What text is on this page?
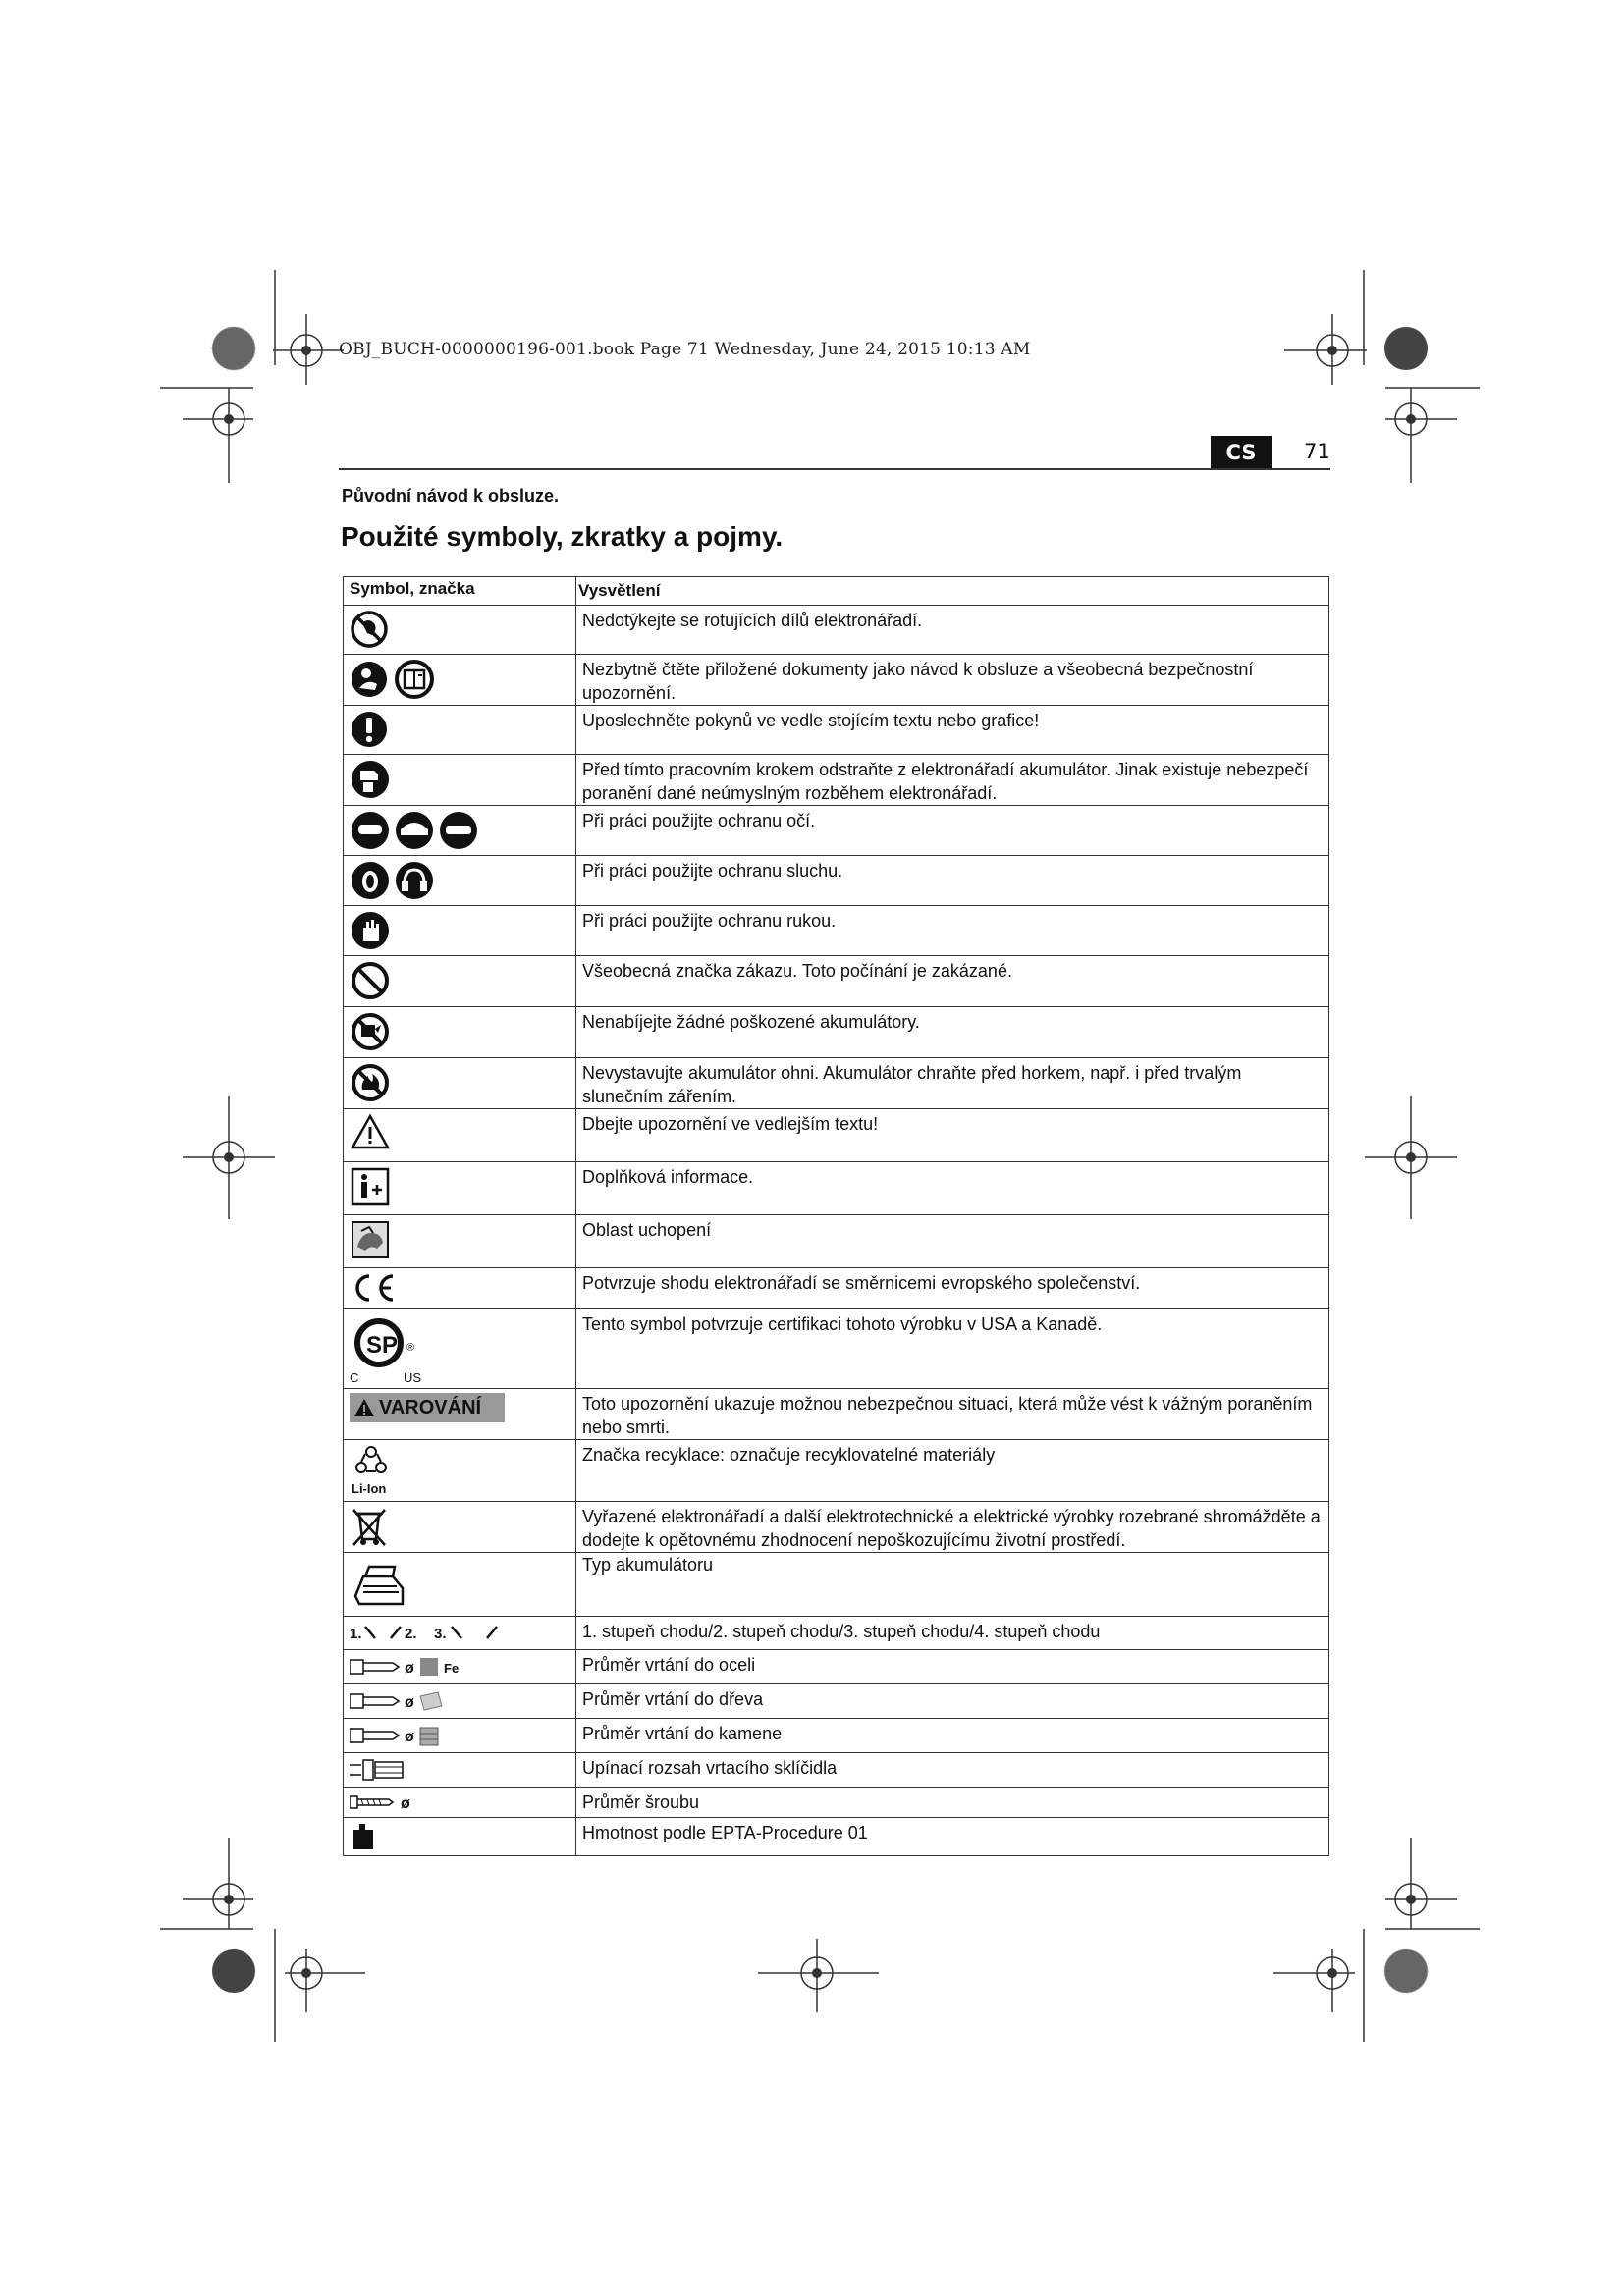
OBJ_BUCH-0000000196-001.book Page 71 Wednesday, June 24, 2015 10:13 AM
CS	71
Původní návod k obsluze.
Použité symboly, zkratky a pojmy.
Symbol, značka	Vysvětlení

	Nedotýkejte se rotujících dílů elektronářadí.

	Nezbytně čtěte přiložené dokumenty jako návod k obsluze a všeobecná bezpečnostní upozornění.

	Uposlechněte pokynů ve vedle stojícím textu nebo grafice!

	Před tímto pracovním krokem odstraňte z elektronářadí akumulátor. Jinak existuje nebezpečí poranění dané neúmyslným rozběhem elektronářadí.

	Při práci použijte ochranu očí.

	Při práci použijte ochranu sluchu.

	Při práci použijte ochranu rukou.

	Všeobecná značka zákazu. Toto počínání je zakázané.

	Nenabíjejte žádné poškozené akumulátory.

	Nevystavujte akumulátor ohni. Akumulátor chraňte před horkem, např. i před trvalým slunečním zářením.

	Dbejte upozornění ve vedlejším textu!

	Doplňková informace.

	Oblast uchopení

	Potvrzuje shodu elektronářadí se směrnicemi evropského společenství.

SP
C US
®	Tento symbol potvrzuje certifikaci tohoto výrobku v USA a Kanadě.

VAROVÁNÍ	Toto upozornění ukazuje možnou nebezpečnou situaci, která může vést k vážným poraněním nebo smrti.

Li-Ion	Značka recyklace: označuje recyklovatelné materiály

	Vyřazené elektronářadí a další elektrotechnické a elektrické výrobky rozebrané shromážděte a dodejte k opětovnému zhodnocení nepoškozujícímu životní prostředí.

	Typ akumulátoru

1. 2. 3.	1. stupeň chodu/2. stupeň chodu/3. stupeň chodu/4. stupeň chodu

ø Fe	Průměr vrtání do oceli

ø	Průměr vrtání do dřeva

ø	Průměr vrtání do kamene

	Upínací rozsah vrtacího sklíčidla

ø	Průměr šroubu

	Hmotnost podle EPTA-Procedure 01
